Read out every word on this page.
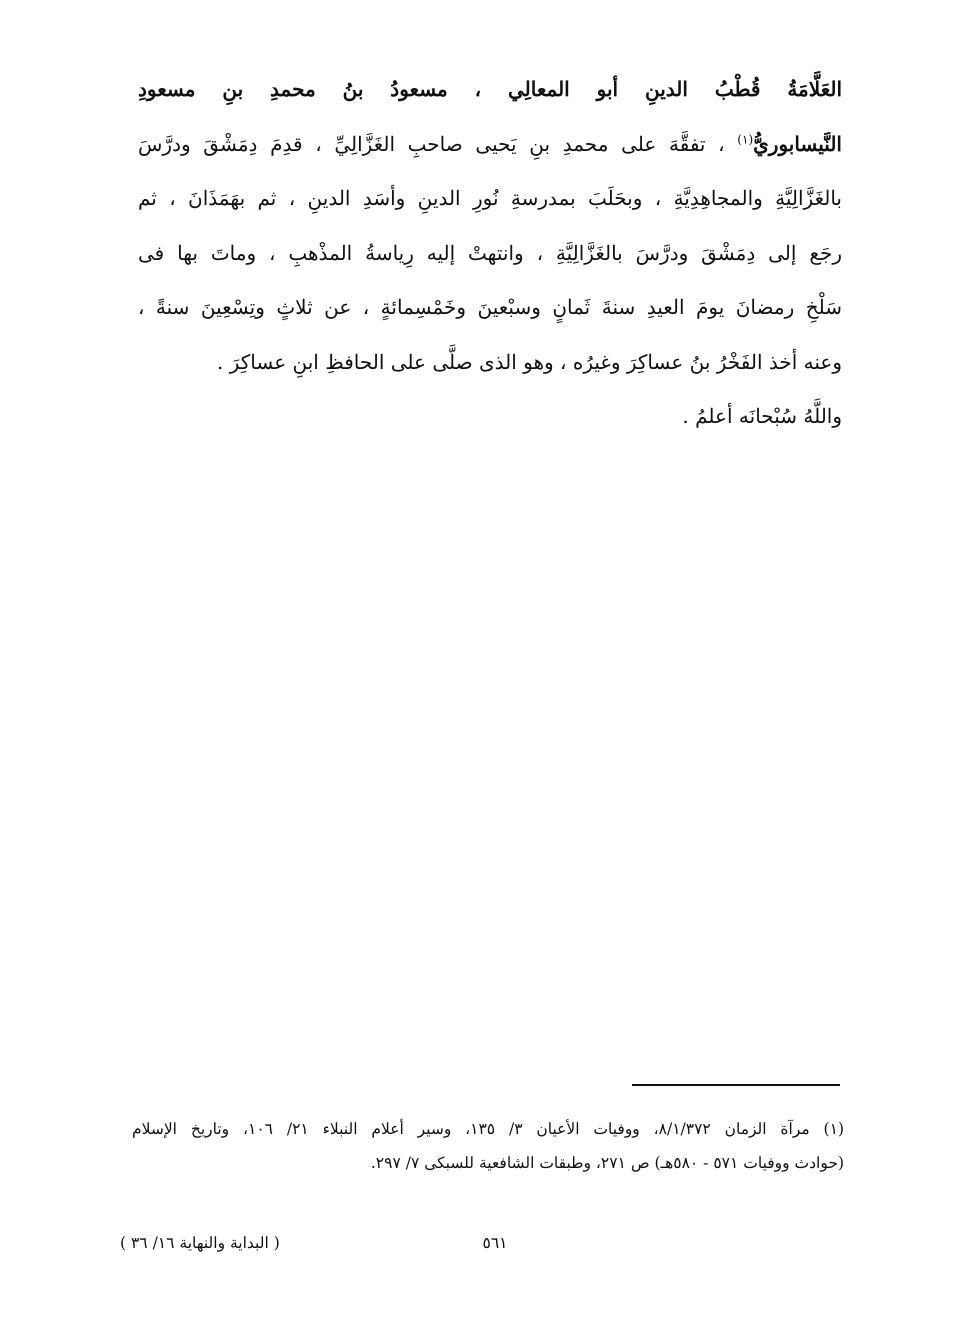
العَلَّامَةُ قُطْبُ الدينِ أبو المعالِي ، مسعودُ بنُ محمدِ بنِ مسعودِ
النَّيسابوريُّ$^{(١)}$ ، تفقَّهَ على محمدِ بنِ يَحيى صاحبِ الغَزَّالِيِّ ، قدِمَ دِمَشْقَ ودرَّسَ
بالغَزَّالِيَّةِ والمجاهِدِيَّةِ ، وبحَلَبَ بمدرسةِ نُورِ الدينِ وأسَدِ الدينِ ، ثم بهَمَذَانَ ، ثم
رجَع إلى دِمَشْقَ ودرَّسَ بالغَزَّالِيَّةِ ، وانتهتْ إليه رِياسةُ المذْهبِ ، وماتَ بها فى
سَلْخِ رمضانَ يومَ العيدِ سنةَ ثَمانٍ وسبْعينَ وخَمْسِمائةٍ ، عن ثلاثٍ وتِسْعِينَ سنةً ،
وعنه أخذ الفَخْرُ بنُ عساكِرَ وغيرُه ، وهو الذى صلَّى على الحافظِ ابنِ عساكِرَ .
واللَّهُ سُبْحانَه أعلمُ .
(١) مرآة الزمان ٨/١/٣٧٢، ووفيات الأعيان ٣/ ١٣٥، وسير أعلام النبلاء ٢١/ ١٠٦، وتاريخ الإسلام
(حوادث ووفيات ٥٧١ - ٥٨٠هـ) ص ٢٧١، وطبقات الشافعية للسبكى ٧/ ٢٩٧.
٥٦١
( البداية والنهاية ١٦/ ٣٦ )
